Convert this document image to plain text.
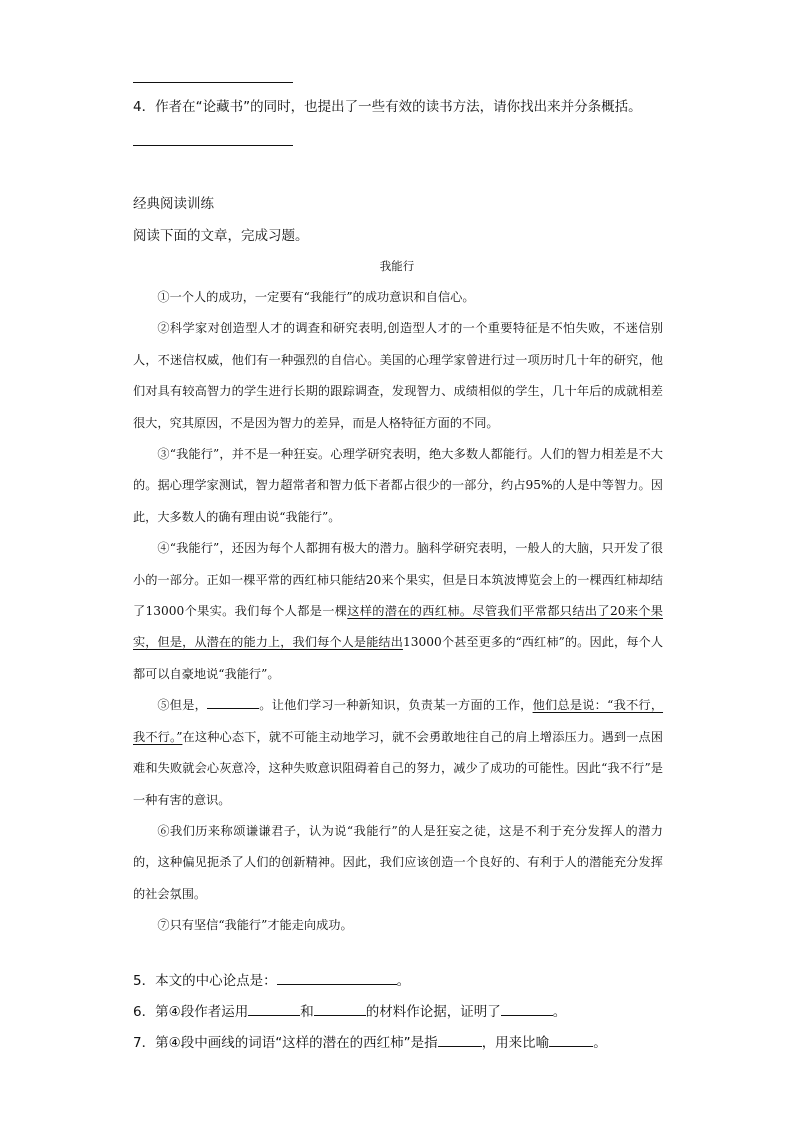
4．作者在“论藏书”的同时，也提出了一些有效的读书方法，请你找出来并分条概括。
经典阅读训练
阅读下面的文章，完成习题。
我能行

①一个人的成功，一定要有“我能行”的成功意识和自信心。

②科学家对创造型人才的调查和研究表明,创造型人才的一个重要特征是不怕失败，不迷信别人，不迷信权威，他们有一种强烈的自信心。美国的心理学家曾进行过一项历时几十年的研究，他们对具有较高智力的学生进行长期的跟踪调查，发现智力、成绩相似的学生，几十年后的成就相差很大，究其原因，不是因为智力的差异，而是人格特征方面的不同。

③“我能行”，并不是一种狂妄。心理学研究表明，绝大多数人都能行。人们的智力相差是不大的。据心理学家测试，智力超常者和智力低下者都占很少的一部分，约占95%的人是中等智力。因此，大多数人的确有理由说“我能行”。

④“我能行”，还因为每个人都拥有极大的潜力。脑科学研究表明，一般人的大脑，只开发了很小的一部分。正如一棵平常的西红柿只能结20来个果实，但是日本筑波博览会上的一棵西红柿却结了13000个果实。我们每个人都是一棵这样的潜在的西红柿。尽管我们平常都只结出了20来个果实，但是，从潜在的能力上，我们每个人是能结出13000个甚至更多的“西红柿”的。因此，每个人都可以自豪地说“我能行”。

⑤但是，	。让他们学习一种新知识，负责某一方面的工作，他们总是说：“我不行，我不行。”在这种心态下，就不可能主动地学习，就不会勇敢地往自己的肩上增添压力。遇到一点困难和失败就会心灰意冷，这种失败意识阻碍着自己的努力，减少了成功的可能性。因此“我不行”是一种有害的意识。

⑥我们历来称颂谦谦君子，认为说“我能行”的人是狂妄之徒，这是不利于充分发挥人的潜力的，这种偏见扼杀了人们的创新精神。因此，我们应该创造一个良好的、有利于人的潜能充分发挥的社会氛围。

⑦只有坚信“我能行”才能走向成功。

5．本文的中心论点是：	。
6．第④段作者运用	和	的材料作论据，证明了	。
7．第④段中画线的词语“这样的潜在的西红柿”是指	，用来比喻	。
